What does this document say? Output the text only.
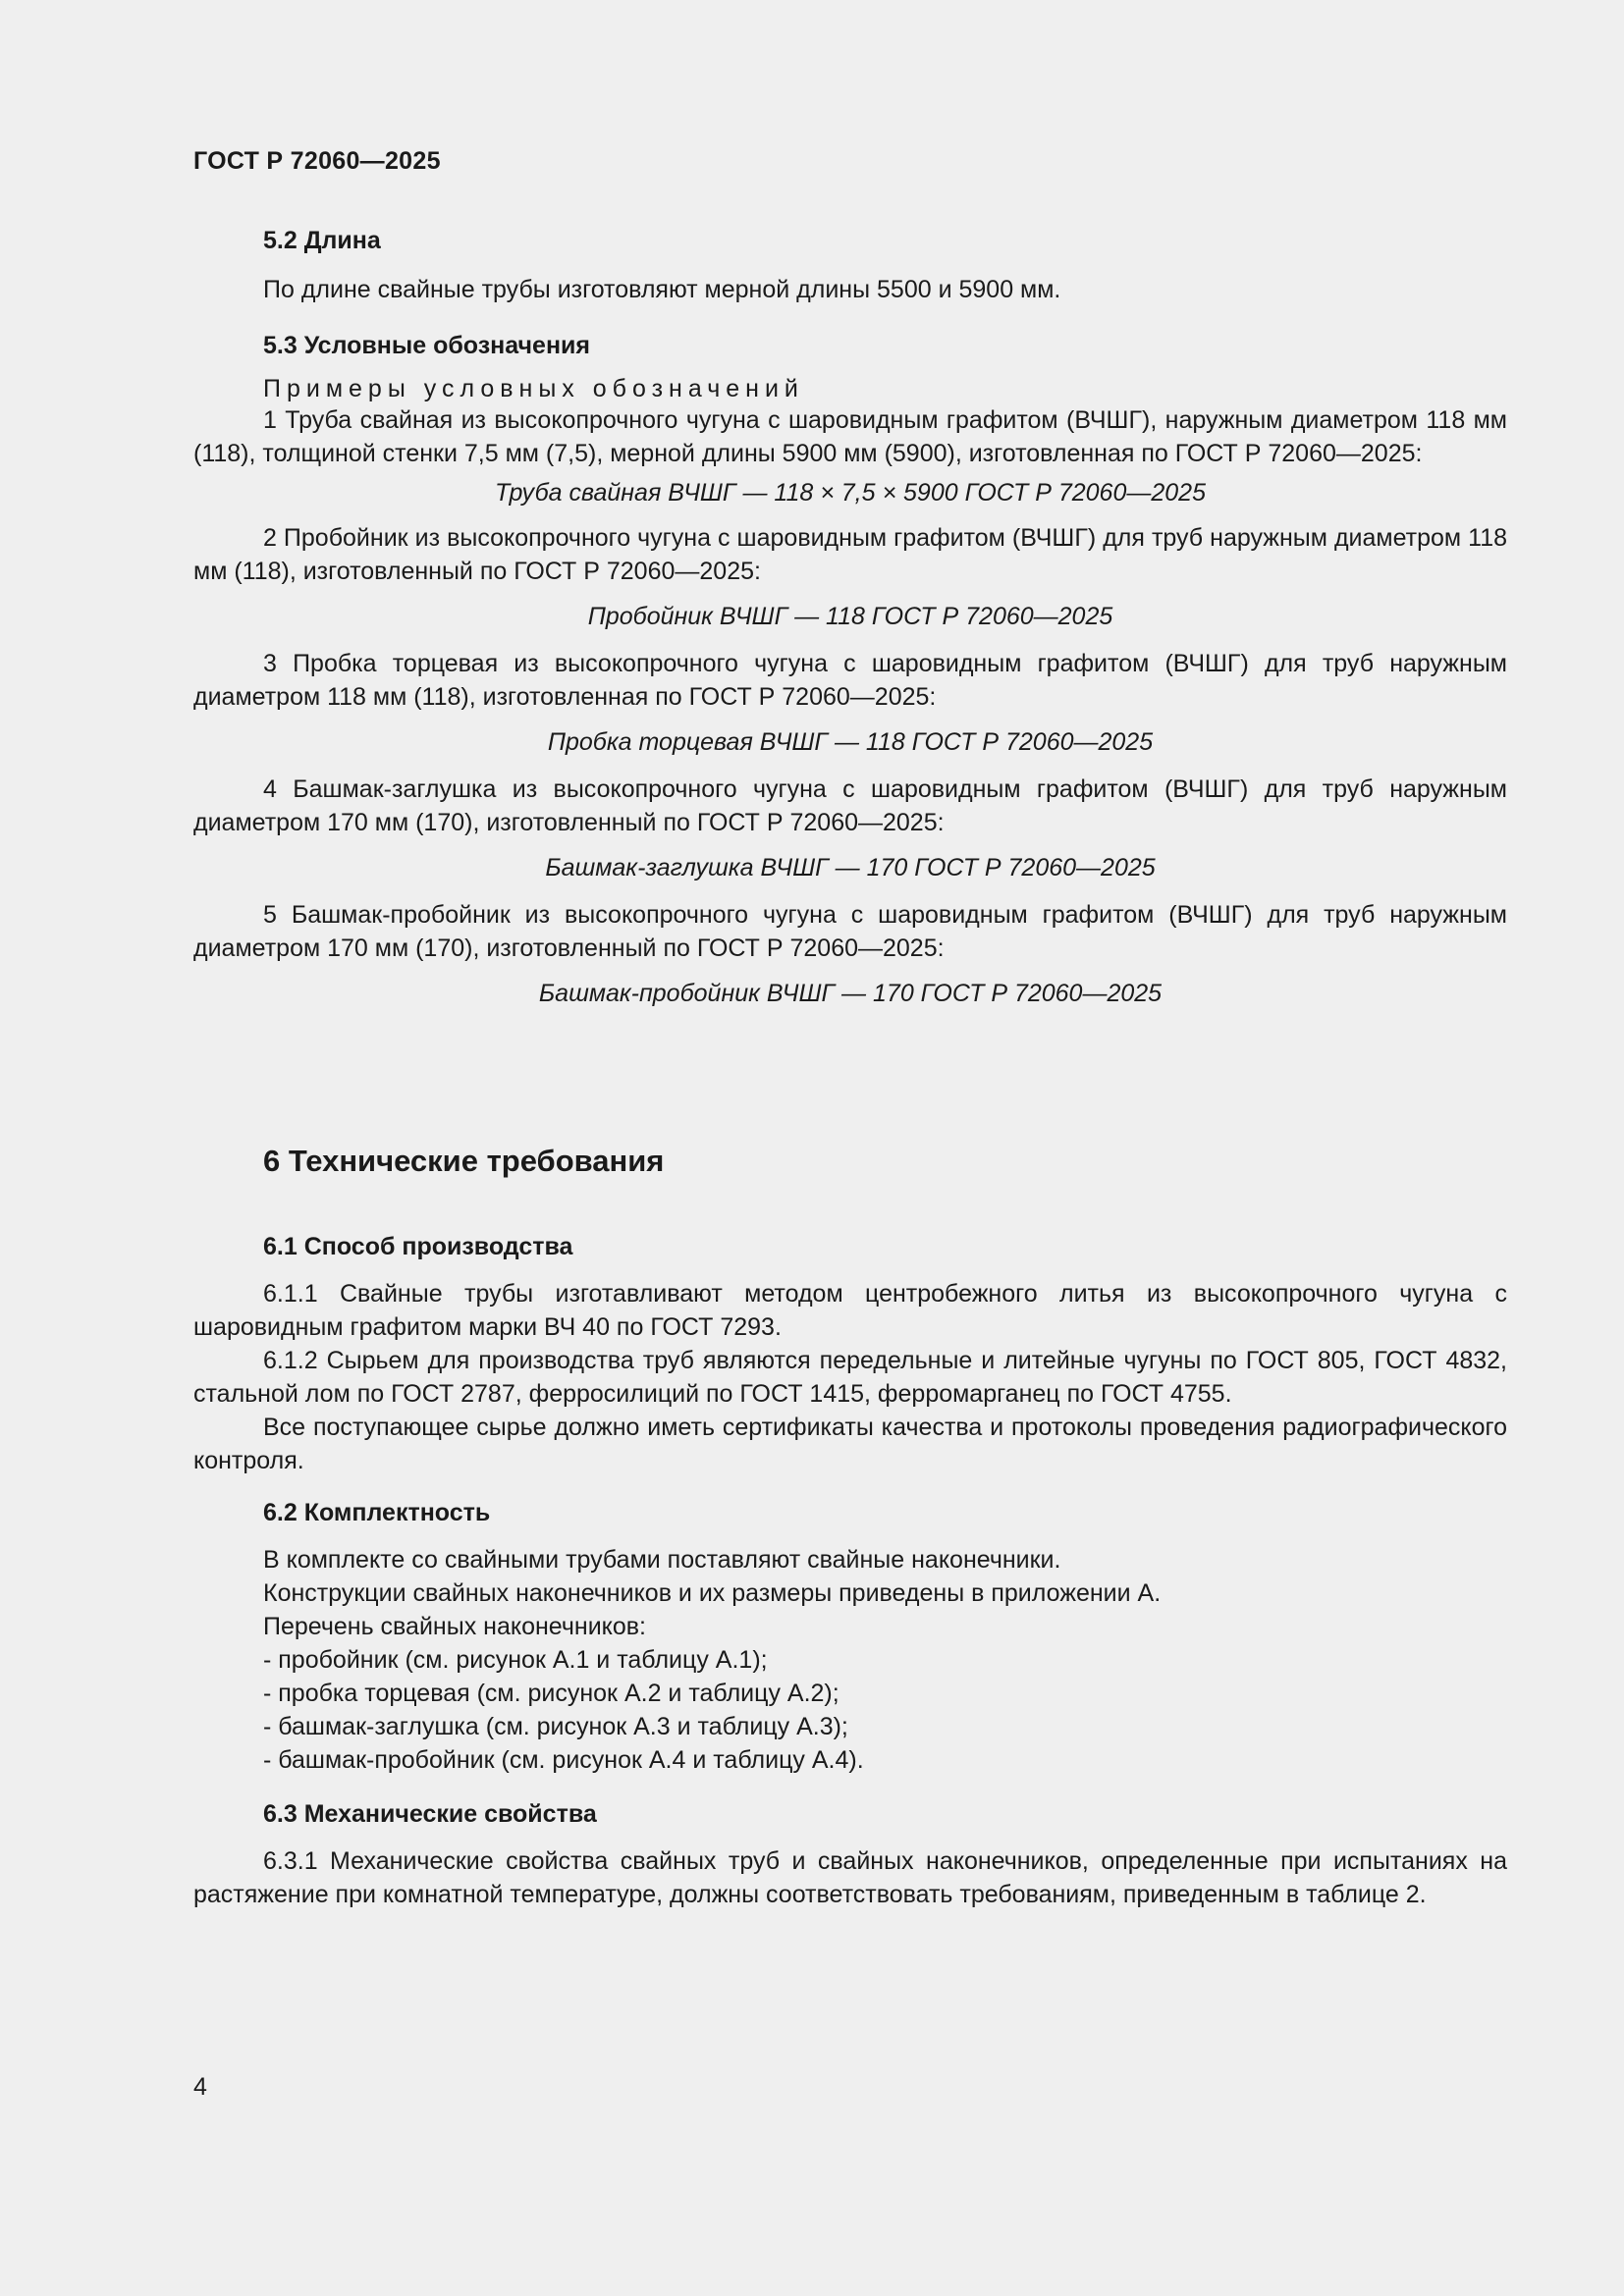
ГОСТ Р 72060—2025
5.2 Длина
По длине свайные трубы изготовляют мерной длины 5500 и 5900 мм.
5.3 Условные обозначения
Примеры условных обозначений
1 Труба свайная из высокопрочного чугуна с шаровидным графитом (ВЧШГ), наружным диаметром 118 мм (118), толщиной стенки 7,5 мм (7,5), мерной длины 5900 мм (5900), изготовленная по ГОСТ Р 72060—2025:
Труба свайная ВЧШГ — 118 × 7,5 × 5900 ГОСТ Р 72060—2025
2 Пробойник из высокопрочного чугуна с шаровидным графитом (ВЧШГ) для труб наружным диаметром 118 мм (118), изготовленный по ГОСТ Р 72060—2025:
Пробойник ВЧШГ — 118 ГОСТ Р 72060—2025
3 Пробка торцевая из высокопрочного чугуна с шаровидным графитом (ВЧШГ) для труб наружным диаметром 118 мм (118), изготовленная по ГОСТ Р 72060—2025:
Пробка торцевая ВЧШГ — 118 ГОСТ Р 72060—2025
4 Башмак-заглушка из высокопрочного чугуна с шаровидным графитом (ВЧШГ) для труб наружным диаметром 170 мм (170), изготовленный по ГОСТ Р 72060—2025:
Башмак-заглушка ВЧШГ — 170 ГОСТ Р 72060—2025
5 Башмак-пробойник из высокопрочного чугуна с шаровидным графитом (ВЧШГ) для труб наружным диаметром 170 мм (170), изготовленный по ГОСТ Р 72060—2025:
Башмак-пробойник ВЧШГ — 170 ГОСТ Р 72060—2025
6 Технические требования
6.1 Способ производства
6.1.1 Свайные трубы изготавливают методом центробежного литья из высокопрочного чугуна с шаровидным графитом марки ВЧ 40 по ГОСТ 7293.
6.1.2 Сырьем для производства труб являются передельные и литейные чугуны по ГОСТ 805, ГОСТ 4832, стальной лом по ГОСТ 2787, ферросилиций по ГОСТ 1415, ферромарганец по ГОСТ 4755.
Все поступающее сырье должно иметь сертификаты качества и протоколы проведения радиографического контроля.
6.2 Комплектность
В комплекте со свайными трубами поставляют свайные наконечники.
Конструкции свайных наконечников и их размеры приведены в приложении А.
Перечень свайных наконечников:
- пробойник (см. рисунок А.1 и таблицу А.1);
- пробка торцевая (см. рисунок А.2 и таблицу А.2);
- башмак-заглушка (см. рисунок А.3 и таблицу А.3);
- башмак-пробойник (см. рисунок А.4 и таблицу А.4).
6.3 Механические свойства
6.3.1 Механические свойства свайных труб и свайных наконечников, определенные при испытаниях на растяжение при комнатной температуре, должны соответствовать требованиям, приведенным в таблице 2.
4
